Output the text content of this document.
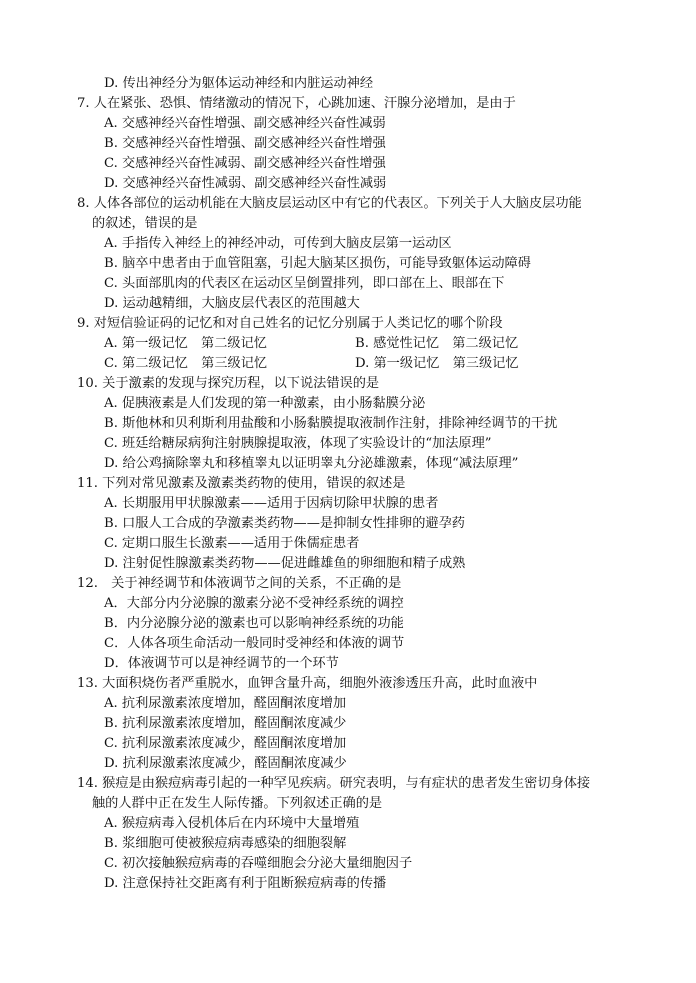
D. 传出神经分为躯体运动神经和内脏运动神经
7. 人在紧张、恐惧、情绪激动的情况下，心跳加速、汗腺分泌增加，是由于
A. 交感神经兴奋性增强、副交感神经兴奋性减弱
B. 交感神经兴奋性增强、副交感神经兴奋性增强
C. 交感神经兴奋性减弱、副交感神经兴奋性增强
D. 交感神经兴奋性减弱、副交感神经兴奋性减弱
8. 人体各部位的运动机能在大脑皮层运动区中有它的代表区。下列关于人大脑皮层功能
的叙述，错误的是
A. 手指传入神经上的神经冲动，可传到大脑皮层第一运动区
B. 脑卒中患者由于血管阻塞，引起大脑某区损伤，可能导致躯体运动障碍
C. 头面部肌肉的代表区在运动区呈倒置排列，即口部在上、眼部在下
D. 运动越精细，大脑皮层代表区的范围越大
9. 对短信验证码的记忆和对自己姓名的记忆分别属于人类记忆的哪个阶段
A. 第一级记忆　第二级记忆	B. 感觉性记忆　第二级记忆
C. 第二级记忆　第三级记忆	D. 第一级记忆　第三级记忆
10. 关于激素的发现与探究历程，以下说法错误的是
A. 促胰液素是人们发现的第一种激素，由小肠黏膜分泌
B. 斯他林和贝利斯利用盐酸和小肠黏膜提取液制作注射，排除神经调节的干扰
C. 班廷给糖尿病狗注射胰腺提取液，体现了实验设计的“加法原理”
D. 给公鸡摘除睾丸和移植睾丸以证明睾丸分泌雄激素，体现“减法原理”
11. 下列对常见激素及激素类药物的使用，错误的叙述是
A. 长期服用甲状腺激素——适用于因病切除甲状腺的患者
B. 口服人工合成的孕激素类药物——是抑制女性排卵的避孕药
C. 定期口服生长激素——适用于侏儒症患者
D. 注射促性腺激素类药物——促进雌雄鱼的卵细胞和精子成熟
12.　关于神经调节和体液调节之间的关系，不正确的是
A．大部分内分泌腺的激素分泌不受神经系统的调控
B．内分泌腺分泌的激素也可以影响神经系统的功能
C．人体各项生命活动一般同时受神经和体液的调节
D．体液调节可以是神经调节的一个环节
13. 大面积烧伤者严重脱水，血钾含量升高，细胞外液渗透压升高，此时血液中
A. 抗利尿激素浓度增加，醛固酮浓度增加
B. 抗利尿激素浓度增加，醛固酮浓度减少
C. 抗利尿激素浓度减少，醛固酮浓度增加
D. 抗利尿激素浓度减少，醛固酮浓度减少
14. 猴痘是由猴痘病毒引起的一种罕见疾病。研究表明，与有症状的患者发生密切身体接
触的人群中正在发生人际传播。下列叙述正确的是
A. 猴痘病毒入侵机体后在内环境中大量增殖
B. 浆细胞可使被猴痘病毒感染的细胞裂解
C. 初次接触猴痘病毒的吞噬细胞会分泌大量细胞因子
D. 注意保持社交距离有利于阻断猴痘病毒的传播
